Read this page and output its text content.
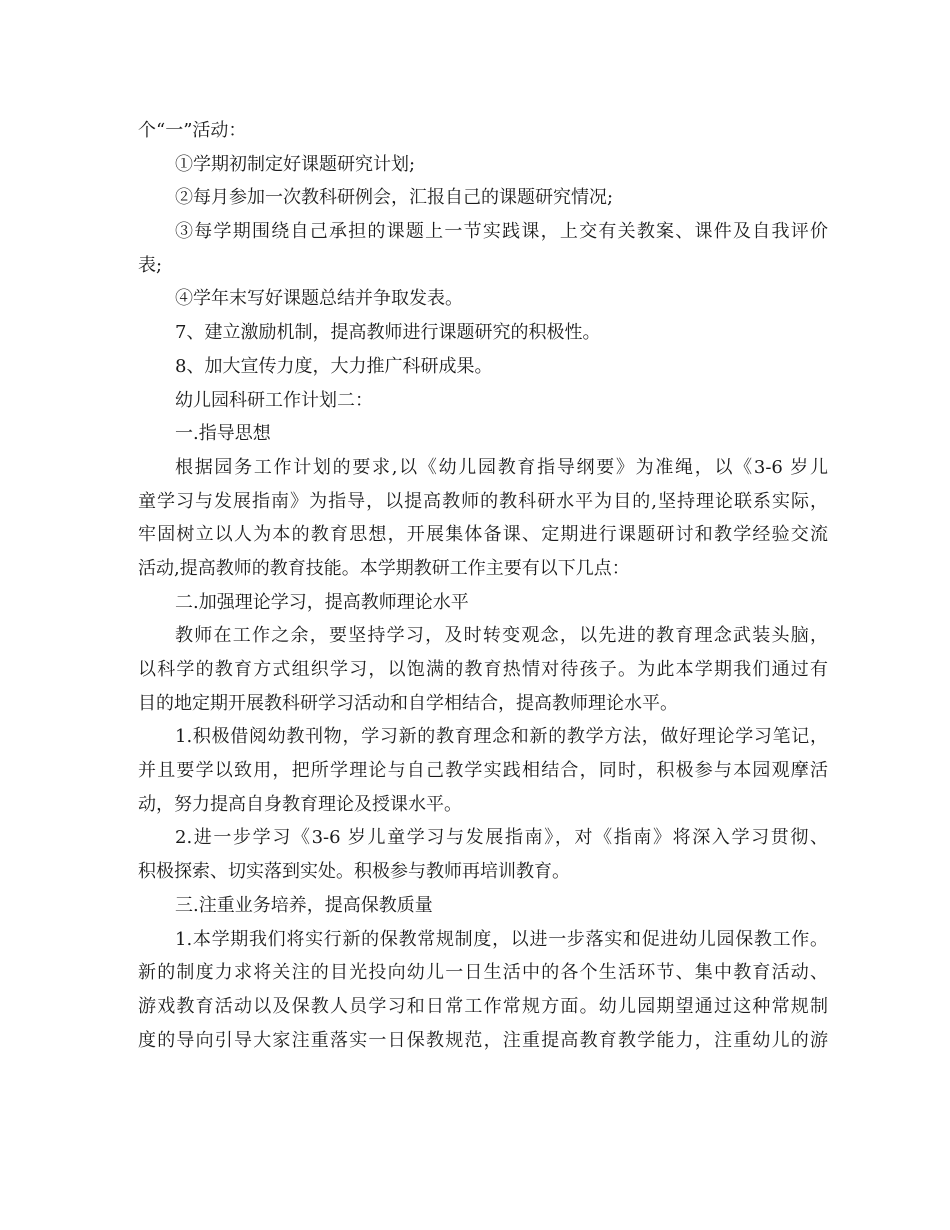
个“一”活动：
①学期初制定好课题研究计划;
②每月参加一次教科研例会，汇报自己的课题研究情况;
③每学期围绕自己承担的课题上一节实践课，上交有关教案、课件及自我评价
表;
④学年末写好课题总结并争取发表。
7、建立激励机制，提高教师进行课题研究的积极性。
8、加大宣传力度，大力推广科研成果。
幼儿园科研工作计划二：
一.指导思想
根据园务工作计划的要求,以《幼儿园教育指导纲要》为准绳，以《3-6 岁儿
童学习与发展指南》为指导，以提高教师的教科研水平为目的,坚持理论联系实际，
牢固树立以人为本的教育思想，开展集体备课、定期进行课题研讨和教学经验交流
活动,提高教师的教育技能。本学期教研工作主要有以下几点：
二.加强理论学习，提高教师理论水平
教师在工作之余，要坚持学习，及时转变观念，以先进的教育理念武装头脑，
以科学的教育方式组织学习，以饱满的教育热情对待孩子。为此本学期我们通过有
目的地定期开展教科研学习活动和自学相结合，提高教师理论水平。
1.积极借阅幼教刊物，学习新的教育理念和新的教学方法，做好理论学习笔记，
并且要学以致用，把所学理论与自己教学实践相结合，同时，积极参与本园观摩活
动，努力提高自身教育理论及授课水平。
2.进一步学习《3-6 岁儿童学习与发展指南》，对《指南》将深入学习贯彻、
积极探索、切实落到实处。积极参与教师再培训教育。
三.注重业务培养，提高保教质量
1.本学期我们将实行新的保教常规制度，以进一步落实和促进幼儿园保教工作。
新的制度力求将关注的目光投向幼儿一日生活中的各个生活环节、集中教育活动、
游戏教育活动以及保教人员学习和日常工作常规方面。幼儿园期望通过这种常规制
度的导向引导大家注重落实一日保教规范，注重提高教育教学能力，注重幼儿的游
